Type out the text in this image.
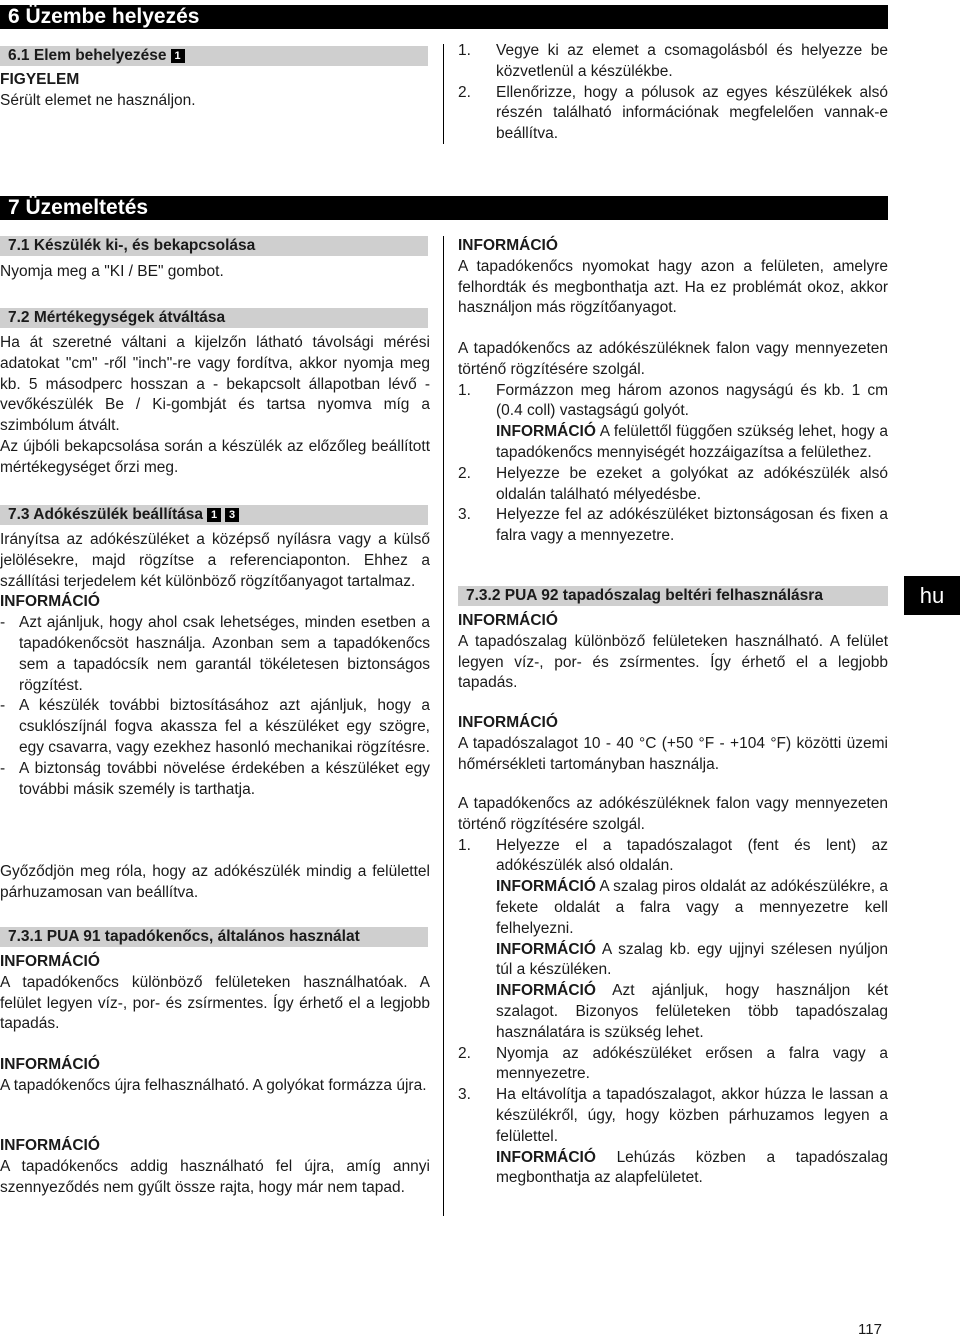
6 Üzembe helyezés
6.1 Elem behelyezése 1
FIGYELEM
Sérült elemet ne használjon.
1. Vegye ki az elemet a csomagolásból és helyezze be közvetlenül a készülékbe.
2. Ellenőrizze, hogy a pólusok az egyes készülékek alsó részén található információnak megfelelően vannak-e beállítva.
7 Üzemeltetés
7.1 Készülék ki-, és bekapcsolása
Nyomja meg a "KI / BE" gombot.
7.2 Mértékegységek átváltása

Ha át szeretné váltani a kijelzőn látható távolsági mérési adatokat "cm" -ről "inch"-re vagy fordítva, akkor nyomja meg kb. 5 másodperc hosszan a - bekapcsolt állapotban lévő - vevőkészülék Be / Ki-gombját és tartsa nyomva míg a szimbólum átvált.

Az újbóli bekapcsolása során a készülék az előzőleg beállított mértékegységet őrzi meg.

7.3 Adókészülék beállítása 1 3

Irányítsa az adókészüléket a középső nyílásra vagy a külső jelölésekre, majd rögzítse a referenciaponton. Ehhez a szállítási terjedelem két különböző rögzítőanyagot tartalmaz.

INFORMÁCIÓ
- Azt ajánljuk, hogy ahol csak lehetséges, minden esetben a tapadókenőcsöt használja. Azonban sem a tapadókenőcs sem a tapadócsík nem garantál tökéletesen biztonságos rögzítést.
- A készülék további biztosításához azt ajánljuk, hogy a csuklószíjnál fogva akassza fel a készüléket egy szögre, egy csavarra, vagy ezekhez hasonló mechanikai rögzítésre.
- A biztonság további növelése érdekében a készüléket egy további másik személy is tarthatja.
Győződjön meg róla, hogy az adókészülék mindig a felülettel párhuzamosan van beállítva.
7.3.1 PUA 91 tapadókenőcs, általános használat
INFORMÁCIÓ

A tapadókenőcs különböző felületeken használhatóak. A felület legyen víz-, por- és zsírmentes. Így érhető el a legjobb tapadás.

INFORMÁCIÓ

A tapadókenőcs újra felhasználható. A golyókat formázza újra.

INFORMÁCIÓ

A tapadókenőcs addig használható fel újra, amíg annyi szennyeződés nem gyűlt össze rajta, hogy már nem tapad.

INFORMÁCIÓ

A tapadókenőcs nyomokat hagy azon a felületen, amelyre felhordták és megbonthatja azt. Ha ez problémát okoz, akkor használjon más rögzítőanyagot.

A tapadókenőcs az adókészüléknek falon vagy mennyezeten történő rögzítésére szolgál.

1. Formázzon meg három azonos nagyságú és kb. 1 cm (0.4 coll) vastagságú golyót.
INFORMÁCIÓ A felülettől függően szükség lehet, hogy a tapadókenőcs mennyiségét hozzáigazítsa a felülethez.
2. Helyezze be ezeket a golyókat az adókészülék alsó oldalán található mélyedésbe.
3. Helyezze fel az adókészüléket biztonságosan és fixen a falra vagy a mennyezetre.
7.3.2 PUA 92 tapadószalag beltéri felhasználásra
INFORMÁCIÓ

A tapadószalag különböző felületeken használható. A felület legyen víz-, por- és zsírmentes. Így érhető el a legjobb tapadás.

INFORMÁCIÓ

A tapadószalagot 10 - 40 °C (+50 °F - +104 °F) közötti üzemi hőmérsékleti tartományban használja.

A tapadókenőcs az adókészüléknek falon vagy mennyezeten történő rögzítésére szolgál.

1. Helyezze el a tapadószalagot (fent és lent) az adókészülék alsó oldalán.
INFORMÁCIÓ A szalag piros oldalát az adókészülékre, a fekete oldalát a falra vagy a mennyezetre kell felhelyezni.
INFORMÁCIÓ A szalag kb. egy ujjnyi szélesen nyúljon túl a készüléken.
INFORMÁCIÓ Azt ajánljuk, hogy használjon két szalagot. Bizonyos felületeken több tapadószalag használatára is szükség lehet.
2. Nyomja az adókészüléket erősen a falra vagy a mennyezetre.
3. Ha eltávolítja a tapadószalagot, akkor húzza le lassan a készülékről, úgy, hogy közben párhuzamos legyen a felülettel.
INFORMÁCIÓ Lehúzás közben a tapadószalag megbonthatja az alapfelületet.
hu
117
